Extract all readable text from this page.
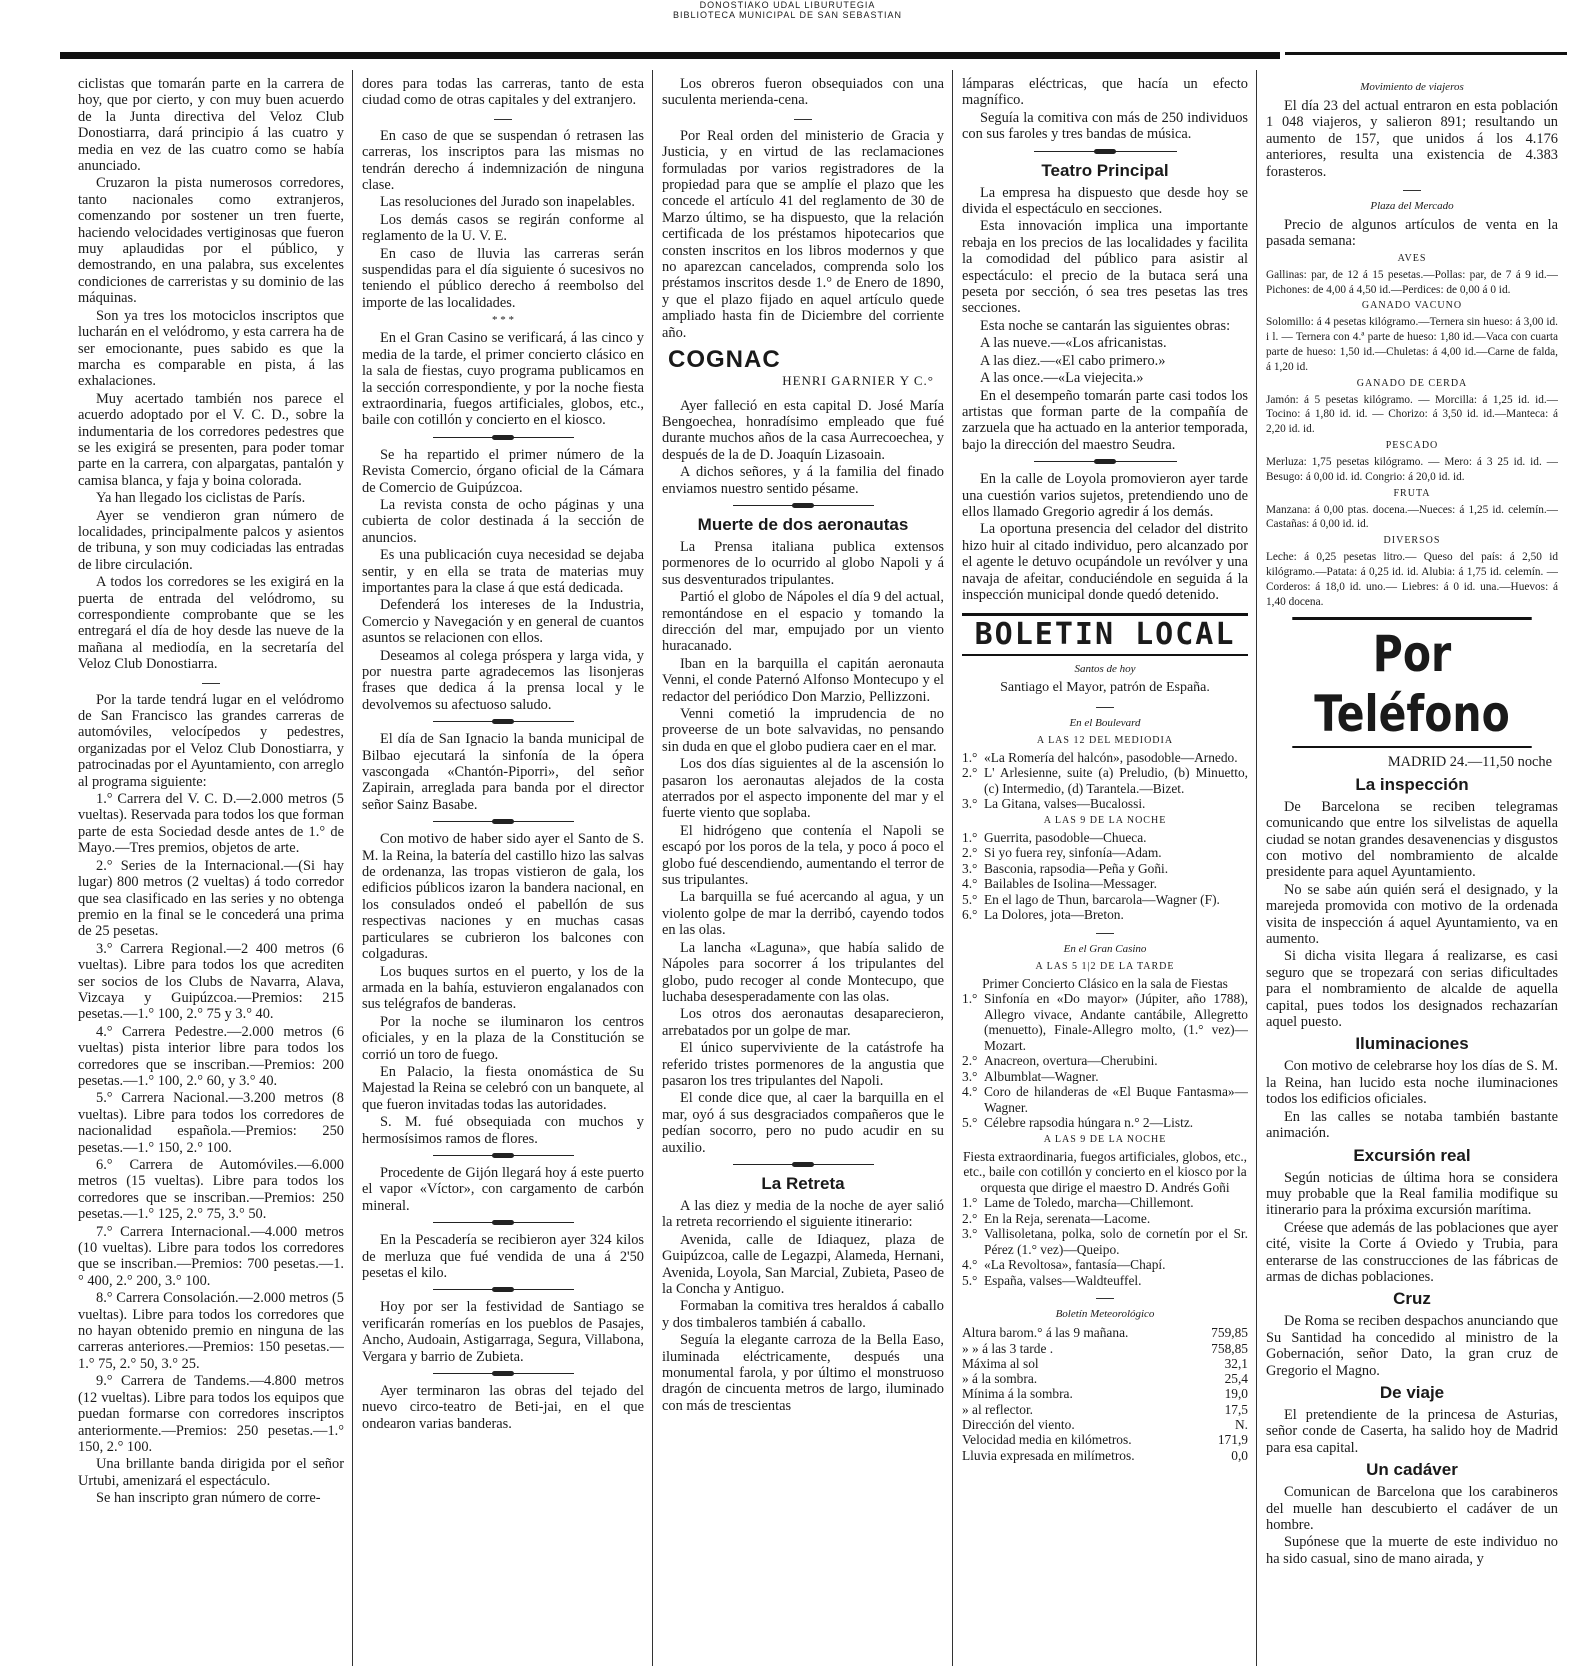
DONOSTIAKO UDAL LIBURUTEGIA
BIBLIOTECA MUNICIPAL DE SAN SEBASTIAN

ciclistas que tomarán parte en la carrera de hoy, que por cierto, y con muy buen acuerdo de la Junta directiva del Veloz Club Donostiarra, dará principio á las cuatro y media en vez de las cuatro como se había anunciado.

Cruzaron la pista numerosos corredores, tanto nacionales como extranjeros, comenzando por sostener un tren fuerte, haciendo velocidades vertiginosas que fueron muy aplaudidas por el público, y demostrando, en una palabra, sus excelentes condiciones de carreristas y su dominio de las máquinas.

Son ya tres los motociclos inscriptos que lucharán en el velódromo, y esta carrera ha de ser emocionante, pues sabido es que la marcha es comparable en pista, á las exhalaciones.

Muy acertado también nos parece el acuerdo adoptado por el V. C. D., sobre la indumentaria de los corredores pedestres que se les exigirá se presenten, para poder tomar parte en la carrera, con alpargatas, pantalón y camisa blanca, y faja y boina colorada.

Ya han llegado los ciclistas de París.

Ayer se vendieron gran número de localidades, principalmente palcos y asientos de tribuna, y son muy codiciadas las entradas de libre circulación.

A todos los corredores se les exigirá en la puerta de entrada del velódromo, su correspondiente comprobante que se les entregará el día de hoy desde las nueve de la mañana al mediodía, en la secretaría del Veloz Club Donostiarra.

Por la tarde tendrá lugar en el velódromo de San Francisco las grandes carreras de automóviles, velocípedos y pedestres, organizadas por el Veloz Club Donostiarra, y patrocinadas por el Ayuntamiento, con arreglo al programa siguiente:

1.° Carrera del V. C. D.—2.000 metros (5 vueltas). Reservada para todos los que forman parte de esta Sociedad desde antes de 1.° de Mayo.—Tres premios, objetos de arte.

2.° Series de la Internacional.—(Si hay lugar) 800 metros (2 vueltas) á todo corredor que sea clasificado en las series y no obtenga premio en la final se le concederá una prima de 25 pesetas.

3.° Carrera Regional.—2 400 metros (6 vueltas). Libre para todos los que acrediten ser socios de los Clubs de Navarra, Alava, Vizcaya y Guipúzcoa.—Premios: 215 pesetas.—1.° 100, 2.° 75 y 3.° 40.

4.° Carrera Pedestre.—2.000 metros (6 vueltas) pista interior libre para todos los corredores que se inscriban.—Premios: 200 pesetas.—1.° 100, 2.° 60, y 3.° 40.

5.° Carrera Nacional.—3.200 metros (8 vueltas). Libre para todos los corredores de nacionalidad española.—Premios: 250 pesetas.—1.° 150, 2.° 100.

6.° Carrera de Automóviles.—6.000 metros (15 vueltas). Libre para todos los corredores que se inscriban.—Premios: 250 pesetas.—1.° 125, 2.° 75, 3.° 50.

7.° Carrera Internacional.—4.000 metros (10 vueltas). Libre para todos los corredores que se inscriban.—Premios: 700 pesetas.—1.° 400, 2.° 200, 3.° 100.

8.° Carrera Consolación.—2.000 metros (5 vueltas). Libre para todos los corredores que no hayan obtenido premio en ninguna de las carreras anteriores.—Premios: 150 pesetas.—1.° 75, 2.° 50, 3.° 25.

9.° Carrera de Tandems.—4.800 metros (12 vueltas). Libre para todos los equipos que puedan formarse con corredores inscriptos anteriormente.—Premios: 250 pesetas.—1.° 150, 2.° 100.

Una brillante banda dirigida por el señor Urtubi, amenizará el espectáculo.

Se han inscripto gran número de corre-

dores para todas las carreras, tanto de esta ciudad como de otras capitales y del extranjero.

En caso de que se suspendan ó retrasen las carreras, los inscriptos para las mismas no tendrán derecho á indemnización de ninguna clase.

Las resoluciones del Jurado son inapelables.

Los demás casos se regirán conforme al reglamento de la U. V. E.

En caso de lluvia las carreras serán suspendidas para el día siguiente ó sucesivos no teniendo el público derecho á reembolso del importe de las localidades.

* * *

En el Gran Casino se verificará, á las cinco y media de la tarde, el primer concierto clásico en la sala de fiestas, cuyo programa publicamos en la sección correspondiente, y por la noche fiesta extraordinaria, fuegos artificiales, globos, etc., baile con cotillón y concierto en el kiosco.

Se ha repartido el primer número de la Revista Comercio, órgano oficial de la Cámara de Comercio de Guipúzcoa.

La revista consta de ocho páginas y una cubierta de color destinada á la sección de anuncios.

Es una publicación cuya necesidad se dejaba sentir, y en ella se trata de materias muy importantes para la clase á que está dedicada.

Defenderá los intereses de la Industria, Comercio y Navegación y en general de cuantos asuntos se relacionen con ellos.

Deseamos al colega próspera y larga vida, y por nuestra parte agradecemos las lisonjeras frases que dedica á la prensa local y le devolvemos su afectuoso saludo.

El día de San Ignacio la banda municipal de Bilbao ejecutará la sinfonía de la ópera vascongada «Chantón-Piporri», del señor Zapirain, arreglada para banda por el director señor Sainz Basabe.

Con motivo de haber sido ayer el Santo de S. M. la Reina, la batería del castillo hizo las salvas de ordenanza, las tropas vistieron de gala, los edificios públicos izaron la bandera nacional, en los consulados ondeó el pabellón de sus respectivas naciones y en muchas casas particulares se cubrieron los balcones con colgaduras.

Los buques surtos en el puerto, y los de la armada en la bahía, estuvieron engalanados con sus telégrafos de banderas.

Por la noche se iluminaron los centros oficiales, y en la plaza de la Constitución se corrió un toro de fuego.

En Palacio, la fiesta onomástica de Su Majestad la Reina se celebró con un banquete, al que fueron invitadas todas las autoridades.

S. M. fué obsequiada con muchos y hermosísimos ramos de flores.

Procedente de Gijón llegará hoy á este puerto el vapor «Víctor», con cargamento de carbón mineral.

En la Pescadería se recibieron ayer 324 kilos de merluza que fué vendida de una á 2'50 pesetas el kilo.

Hoy por ser la festividad de Santiago se verificarán romerías en los pueblos de Pasajes, Ancho, Audoain, Astigarraga, Segura, Villabona, Vergara y barrio de Zubieta.

Ayer terminaron las obras del tejado del nuevo circo-teatro de Beti-jai, en el que ondearon varias banderas.

Los obreros fueron obsequiados con una suculenta merienda-cena.

Por Real orden del ministerio de Gracia y Justicia, y en virtud de las reclamaciones formuladas por varios registradores de la propiedad para que se amplíe el plazo que les concede el artículo 41 del reglamento de 30 de Marzo último, se ha dispuesto, que la relación certificada de los préstamos hipotecarios que consten inscritos en los libros modernos y que no aparezcan cancelados, comprenda solo los préstamos inscritos desde 1.° de Enero de 1890, y que el plazo fijado en aquel artículo quede ampliado hasta fin de Diciembre del corriente año.

COGNAC
HENRI GARNIER Y C.°

Ayer falleció en esta capital D. José María Bengoechea, honradísimo empleado que fué durante muchos años de la casa Aurrecoechea, y después de la de D. Joaquín Lizasoain.

A dichos señores, y á la familia del finado enviamos nuestro sentido pésame.

Muerte de dos aeronautas

La Prensa italiana publica extensos pormenores de lo ocurrido al globo Napoli y á sus desventurados tripulantes.

Partió el globo de Nápoles el día 9 del actual, remontándose en el espacio y tomando la dirección del mar, empujado por un viento huracanado.

Iban en la barquilla el capitán aeronauta Venni, el conde Paternó Alfonso Montecupo y el redactor del periódico Don Marzio, Pellizzoni.

Venni cometió la imprudencia de no proveerse de un bote salvavidas, no pensando sin duda en que el globo pudiera caer en el mar.

Los dos días siguientes al de la ascensión lo pasaron los aeronautas alejados de la costa aterrados por el aspecto imponente del mar y el fuerte viento que soplaba.

El hidrógeno que contenía el Napoli se escapó por los poros de la tela, y poco á poco el globo fué descendiendo, aumentando el terror de sus tripulantes.

La barquilla se fué acercando al agua, y un violento golpe de mar la derribó, cayendo todos en las olas.

La lancha «Laguna», que había salido de Nápoles para socorrer á los tripulantes del globo, pudo recoger al conde Montecupo, que luchaba desesperadamente con las olas.

Los otros dos aeronautas desaparecieron, arrebatados por un golpe de mar.

El único superviviente de la catástrofe ha referido tristes pormenores de la angustia que pasaron los tres tripulantes del Napoli.

El conde dice que, al caer la barquilla en el mar, oyó á sus desgraciados compañeros que le pedían socorro, pero no pudo acudir en su auxilio.

La Retreta

A las diez y media de la noche de ayer salió la retreta recorriendo el siguiente itinerario:

Avenida, calle de Idiaquez, plaza de Guipúzcoa, calle de Legazpi, Alameda, Hernani, Avenida, Loyola, San Marcial, Zubieta, Paseo de la Concha y Antiguo.

Formaban la comitiva tres heraldos á caballo y dos timbaleros también á caballo.

Seguía la elegante carroza de la Bella Easo, iluminada eléctricamente, después una monumental farola, y por último el monstruoso dragón de cincuenta metros de largo, iluminado con más de trescientas

lámparas eléctricas, que hacía un efecto magnífico.

Seguía la comitiva con más de 250 individuos con sus faroles y tres bandas de música.

Teatro Principal

La empresa ha dispuesto que desde hoy se divida el espectáculo en secciones.

Esta innovación implica una importante rebaja en los precios de las localidades y facilita la comodidad del público para asistir al espectáculo: el precio de la butaca será una peseta por sección, ó sea tres pesetas las tres secciones.

Esta noche se cantarán las siguientes obras:

A las nueve.—«Los africanistas.

A las diez.—«El cabo primero.»

A las once.—«La viejecita.»

En el desempeño tomarán parte casi todos los artistas que forman parte de la compañía de zarzuela que ha actuado en la anterior temporada, bajo la dirección del maestro Seudra.

En la calle de Loyola promovieron ayer tarde una cuestión varios sujetos, pretendiendo uno de ellos llamado Gregorio agredir á los demás.

La oportuna presencia del celador del distrito hizo huir al citado individuo, pero alcanzado por el agente le detuvo ocupándole un revólver y una navaja de afeitar, conduciéndole en seguida á la inspección municipal donde quedó detenido.

BOLETIN LOCAL
Santos de hoy
Santiago el Mayor, patrón de España.
En el Boulevard
A LAS 12 DEL MEDIODIA
1.° «La Romería del halcón», pasodoble—Arnedo.
2.° L' Arlesienne, suite (a) Preludio, (b) Minuetto, (c) Intermedio, (d) Tarantela.—Bizet.
3.° La Gitana, valses—Bucalossi.
A LAS 9 DE LA NOCHE
1.° Guerrita, pasodoble—Chueca.
2.° Si yo fuera rey, sinfonía—Adam.
3.° Basconia, rapsodia—Peña y Goñi.
4.° Bailables de Isolina—Messager.
5.° En el lago de Thun, barcarola—Wagner (F).
6.° La Dolores, jota—Breton.
En el Gran Casino
A LAS 5 1|2 DE LA TARDE
Primer Concierto Clásico en la sala de Fiestas
1.° Sinfonía en «Do mayor» (Júpiter, año 1788), Allegro vivace, Andante cantábile, Allegretto (menuetto), Finale-Allegro molto, (1.° vez)—Mozart.
2.° Anacreon, overtura—Cherubini.
3.° Albumblat—Wagner.
4.° Coro de hilanderas de «El Buque Fantasma»—Wagner.
5.° Célebre rapsodia húngara n.° 2—Listz.
A LAS 9 DE LA NOCHE
Fiesta extraordinaria, fuegos artificiales, globos, etc., etc., baile con cotillón y concierto en el kiosco por la orquesta que dirige el maestro D. Andrés Goñi
1.° Lame de Toledo, marcha—Chillemont.
2.° En la Reja, serenata—Lacome.
3.° Vallisoletana, polka, solo de cornetín por el Sr. Pérez (1.° vez)—Queipo.
4.° «La Revoltosa», fantasía—Chapí.
5.° España, valses—Waldteuffel.
Boletín Meteorológico
Altura barom.° á las 9 mañana.	759,85
» » á las 3 tarde .	758,85
Máxima al sol	32,1
» á la sombra.	25,4
Mínima á la sombra.	19,0
» al reflector.	17,5
Dirección del viento.	N.
Velocidad media en kilómetros.	171,9
Lluvia expresada en milímetros.	0,0
Movimiento de viajeros

El día 23 del actual entraron en esta población 1 048 viajeros, y salieron 891; resultando un aumento de 157, que unidos á los 4.176 anteriores, resulta una existencia de 4.383 forasteros.

Plaza del Mercado

Precio de algunos artículos de venta en la pasada semana:

AVES

Gallinas: par, de 12 á 15 pesetas.—Pollas: par, de 7 á 9 id.—Pichones: de 4,00 á 4,50 id.—Perdices: de 0,00 á 0 id.

GANADO VACUNO

Solomillo: á 4 pesetas kilógramo.—Ternera sin hueso: á 3,00 id. i l. — Ternera con 4.ª parte de hueso: 1,80 id.—Vaca con cuarta parte de hueso: 1,50 id.—Chuletas: á 4,00 id.—Carne de falda, á 1,20 id.

GANADO DE CERDA

Jamón: á 5 pesetas kilógramo. — Morcilla: á 1,25 id. id.—Tocino: á 1,80 id. id. — Chorizo: á 3,50 id. id.—Manteca: á 2,20 id. id.

PESCADO

Merluza: 1,75 pesetas kilógramo. — Mero: á 3 25 id. id. — Besugo: á 0,00 id. id. Congrio: á 20,0 id. id.

FRUTA

Manzana: á 0,00 ptas. docena.—Nueces: á 1,25 id. celemín.—Castañas: á 0,00 id. id.

DIVERSOS

Leche: á 0,25 pesetas litro.— Queso del país: á 2,50 id kilógramo.—Patata: á 0,25 id. id. Alubia: á 1,75 id. celemín. — Corderos: á 18,0 id. uno.— Liebres: á 0 id. una.—Huevos: á 1,40 docena.

Por Teléfono
MADRID 24.—11,50 noche
La inspección

De Barcelona se reciben telegramas comunicando que entre los silvelistas de aquella ciudad se notan grandes desavenencias y disgustos con motivo del nombramiento de alcalde presidente para aquel Ayuntamiento.

No se sabe aún quién será el designado, y la marejeda promovida con motivo de la ordenada visita de inspección á aquel Ayuntamiento, va en aumento.

Si dicha visita llegara á realizarse, es casi seguro que se tropezará con serias dificultades para el nombramiento de alcalde de aquella capital, pues todos los designados rechazarían aquel puesto.

Iluminaciones

Con motivo de celebrarse hoy los días de S. M. la Reina, han lucido esta noche iluminaciones todos los edificios oficiales.

En las calles se notaba también bastante animación.

Excursión real

Según noticias de última hora se considera muy probable que la Real familia modifique su itinerario para la próxima excursión marítima.

Créese que además de las poblaciones que ayer cité, visite la Corte á Oviedo y Trubia, para enterarse de las construcciones de las fábricas de armas de dichas poblaciones.

Cruz

De Roma se reciben despachos anunciando que Su Santidad ha concedido al ministro de la Gobernación, señor Dato, la gran cruz de Gregorio el Magno.

De viaje

El pretendiente de la princesa de Asturias, señor conde de Caserta, ha salido hoy de Madrid para esa capital.

Un cadáver

Comunican de Barcelona que los carabineros del muelle han descubierto el cadáver de un hombre.

Supónese que la muerte de este individuo no ha sido casual, sino de mano airada, y
